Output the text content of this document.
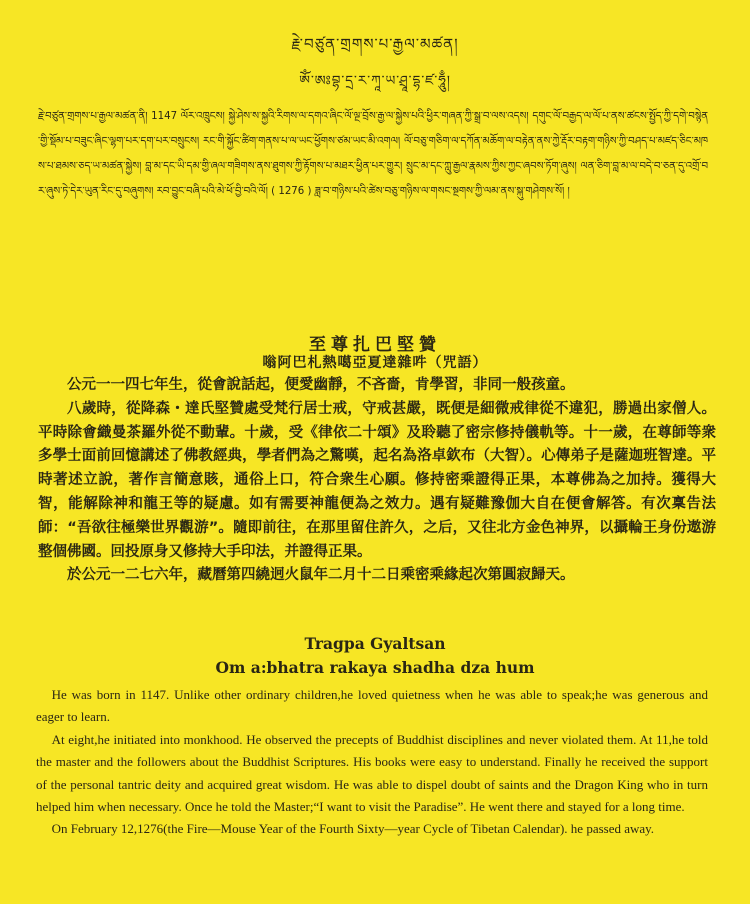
རྗེ་བཙུན་གྲགས་པ་རྒྱལ་མཚན།
ཨོཾ་ཨཿབྷ་དྲ་ར་ཀཱ་ཡ་ཤྲཱ་དྷ་ཛ་ཧཱུྃ།
རྗེ་བཙུན་གྲགས་པ་རྒྱལ་མཚན་ནི། 1147 ལོར་འཁྲུངས། སྐྱེ་ཤེས་ས་སྐྱའི་རིགས་ལ་དགའ་ཞིང་ལོ་ལྔ་བྲོས་རྒྱ་ལ་སྐྱེས་པའི་ཕྱིར་གཞན་ཀྱི་སྒྲ་བ་ལས་འདས། དགུང་ལོ་བརྒྱད་ལ་ལོ་པ་ནས་ཚངས་སྤྱོད་ཀྱི་དགེ་བསྙེན་གྱི་སྡོམ་པ་བཟུང་ཞིང་ལྷག་པར་དག་པར་བསྲུངས། རང་གི་སྐྱོང་ཚིག་གནས་པ་ལ་ཡང་ཕྱོགས་ཙམ་ཡང་མི་འགལ། ལོ་བཅུ་གཅིག་ལ་དཀོན་མཆོག་ལ་བརྟེན་ནས་ཀྱེ་རྡོར་བརྟག་གཉིས་ཀྱི་བཤད་པ་མཛད་ཅིང་མཁས་པ་ཐམས་ཅད་ཡ་མཚན་སྐྱེས། བླ་མ་དང་ཡི་དམ་གྱི་ཞལ་གཟིགས་ནས་ཐུགས་ཀྱི་རྟོགས་པ་མཐར་ཕྱིན་པར་གྱུར། སྲུང་མ་དང་ཀླུ་རྒྱལ་རྣམས་ཀྱིས་ཀྱང་ཞབས་ཏོག་ཞུས། ལན་ཅིག་བླ་མ་ལ་བདེ་བ་ཅན་དུ་འགྲོ་བར་ཞུས་ཏེ་དེར་ཡུན་རིང་དུ་བཞུགས། རབ་བྱུང་བཞི་པའི་མེ་ཕོ་བྱི་བའི་ལོ། ( 1276 ) ཟླ་བ་གཉིས་པའི་ཚེས་བཅུ་གཉིས་ལ་གསང་སྔགས་ཀྱི་ལམ་ནས་སྐུ་གཤེགས་སོ། །
至尊扎巴堅贊
嗡阿巴札熱噶亞夏達雜吽（咒語）

公元一一四七年生，從會說話起，便愛幽靜，不吝嗇，肯學習，非同一般孩童。

八歲時，從降森・達氏堅贊處受梵行居士戒，守戒甚嚴，既便是細微戒律從不違犯，勝過出家僧人。平時除會織曼茶羅外從不動輩。十歲，受《律依二十頌》及聆聽了密宗修持儀軌等。十一歲，在尊師等衆多學士面前回憶講述了佛教經典，學者們為之驚嘆，起名為洛卓欽布（大智）。心傳弟子是薩迦班智達。平時著述立說，著作言簡意賅，通俗上口，符合衆生心願。修持密乘證得正果，本尊佛為之加持。獲得大智，能解除神和龍王等的疑慮。如有需要神龍便為之效力。遇有疑難豫伽大自在便會解答。有次稟告法師：“吾欲往極樂世界觀游”。隨即前往，在那里留住許久，之后，又往北方金色神界，以攝輪王身份遨游整個佛國。回投原身又修持大手印法，并證得正果。

於公元一二七六年，藏曆第四繞迥火鼠年二月十二日乘密乘緣起次第圓寂歸天。

Tragpa Gyaltsan
Om a:bhatra rakaya shadha dza hum

He was born in 1147. Unlike other ordinary children,he loved quietness when he was able to speak;he was generous and eager to learn.

At eight,he initiated into monkhood. He observed the precepts of Buddhist disciplines and never violated them. At 11,he told the master and the followers about the Buddhist Scriptures. His books were easy to understand. Finally he received the support of the personal tantric deity and acquired great wisdom. He was able to dispel doubt of saints and the Dragon King who in turn helped him when necessary. Once he told the Master;“I want to visit the Paradise”. He went there and stayed for a long time.

On February 12,1276(the Fire—Mouse Year of the Fourth Sixty—year Cycle of Tibetan Calendar). he passed away.
